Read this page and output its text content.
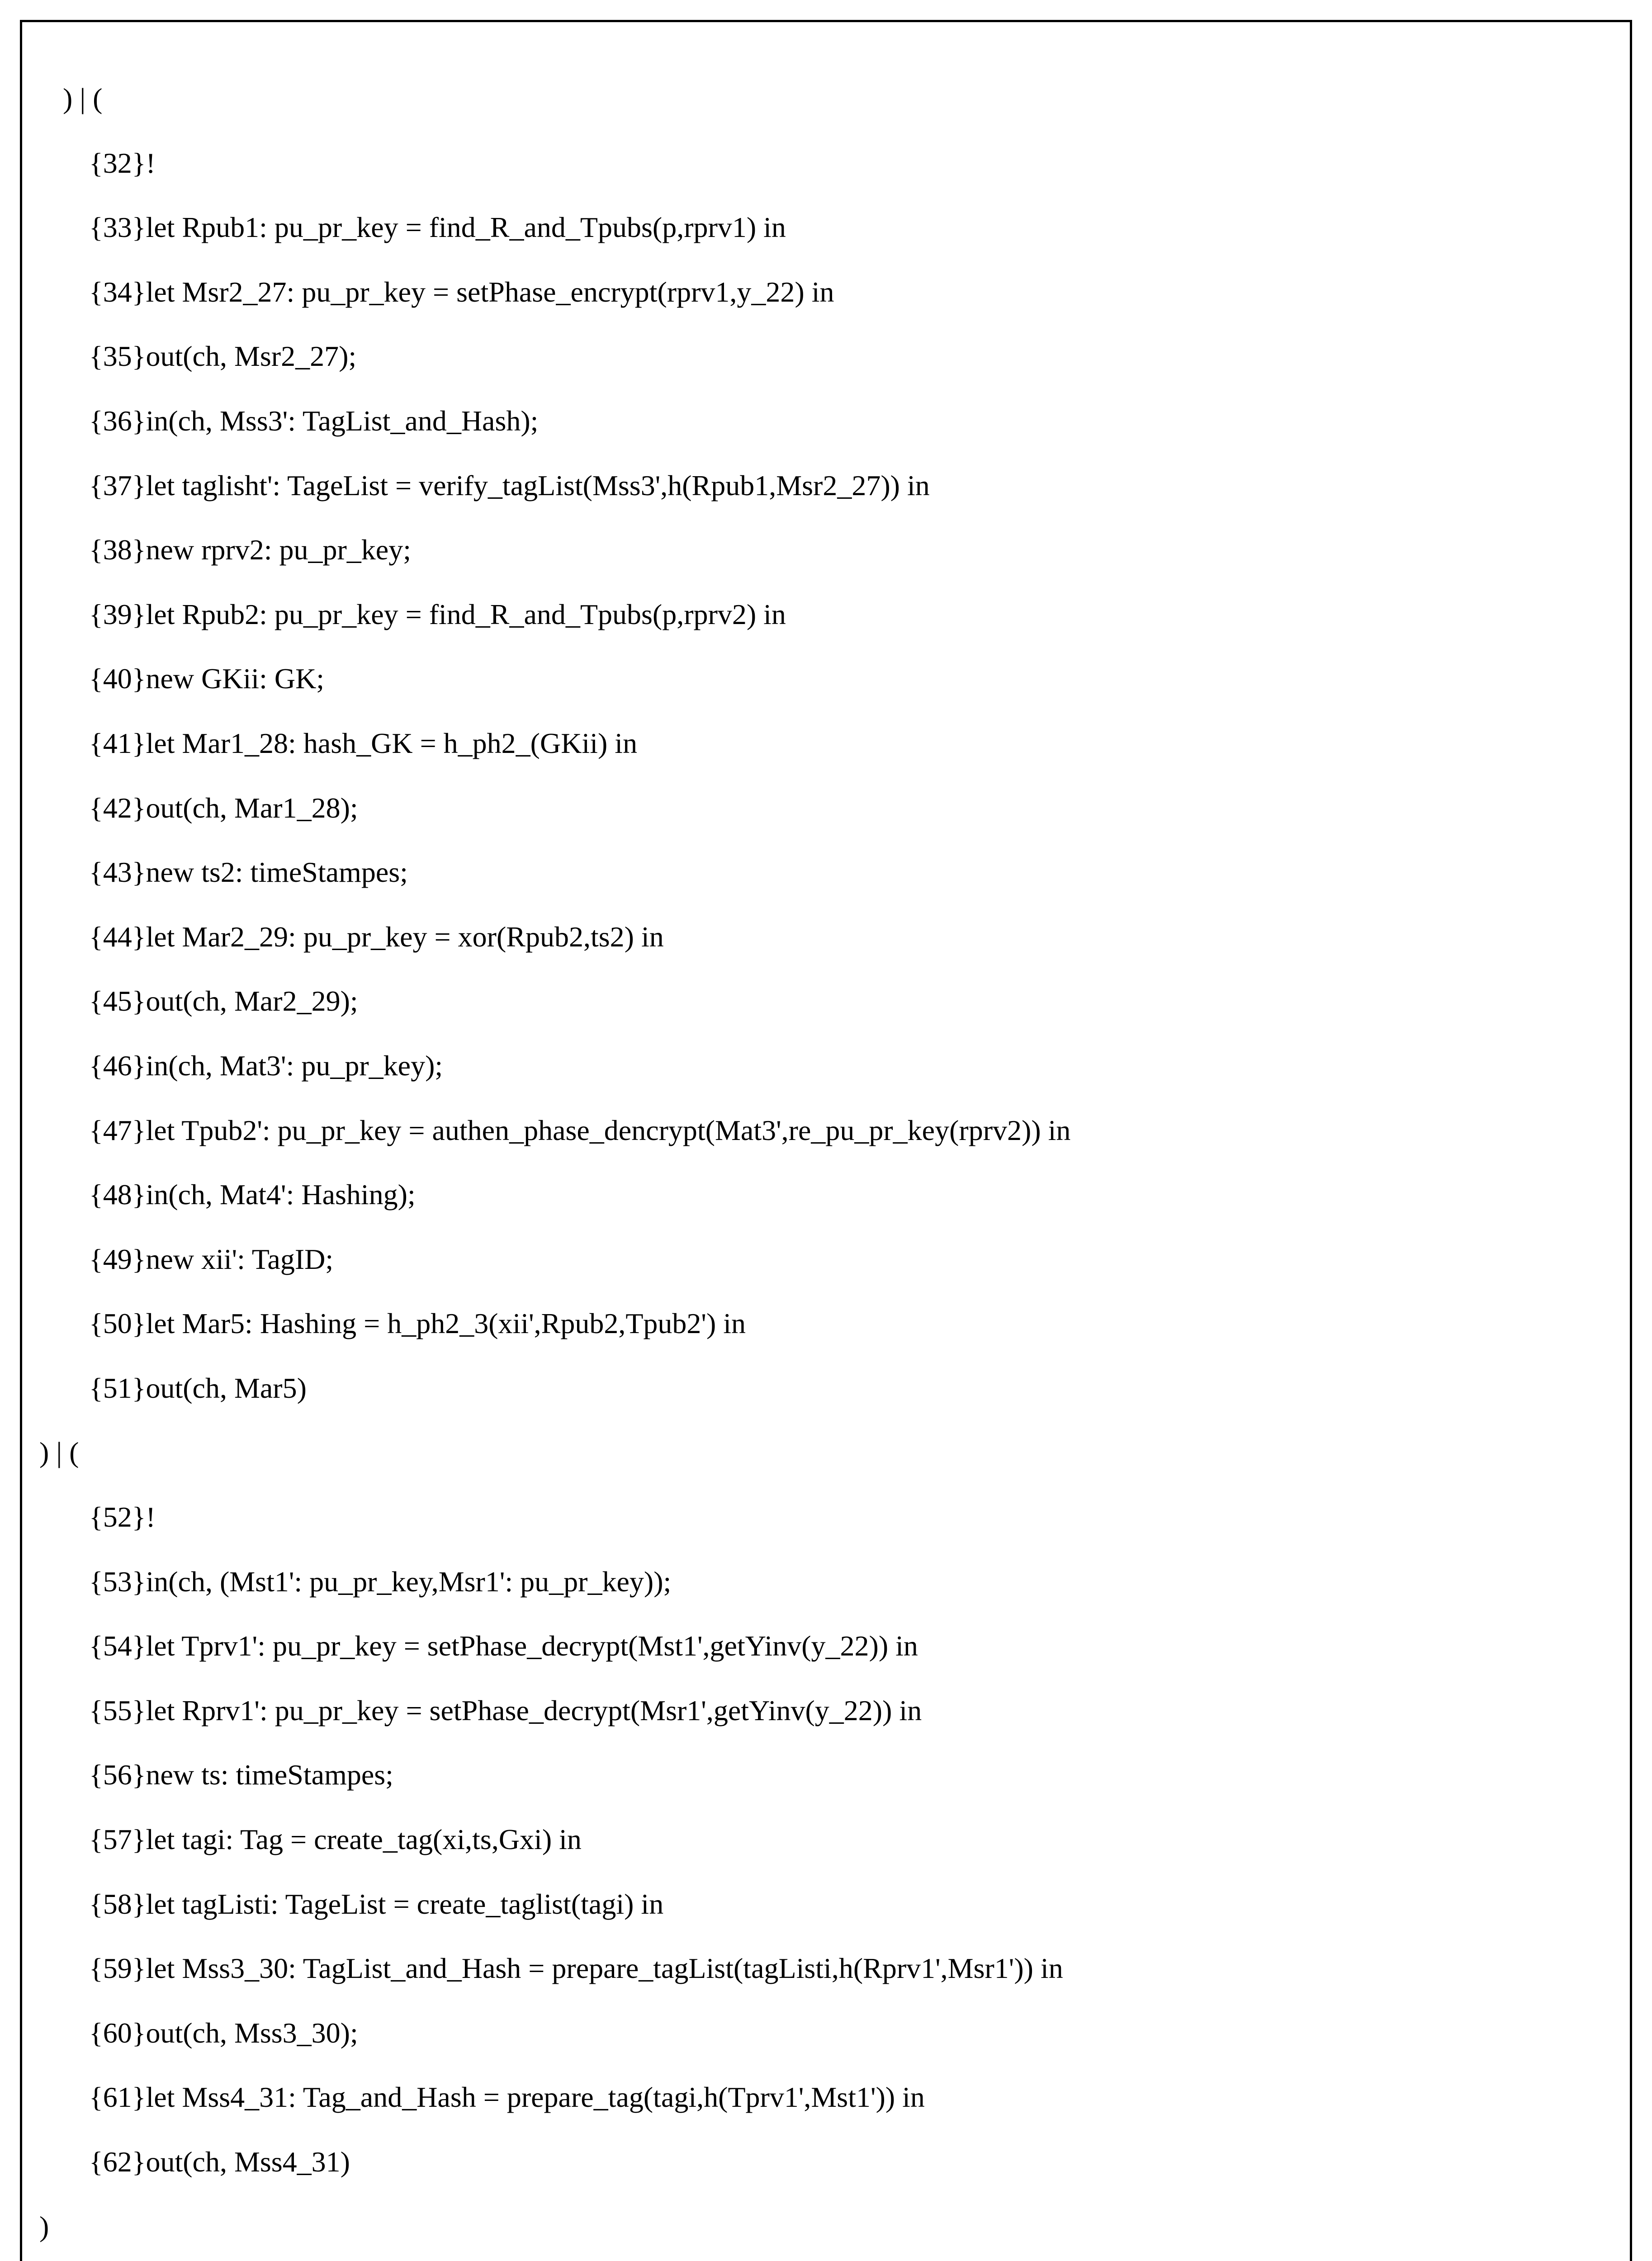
) | (
{32}!
{33}let Rpub1: pu_pr_key = find_R_and_Tpubs(p,rprv1) in
{34}let Msr2_27: pu_pr_key = setPhase_encrypt(rprv1,y_22) in
{35}out(ch, Msr2_27);
{36}in(ch, Mss3': TagList_and_Hash);
{37}let taglisht': TageList = verify_tagList(Mss3',h(Rpub1,Msr2_27)) in
{38}new rprv2: pu_pr_key;
{39}let Rpub2: pu_pr_key = find_R_and_Tpubs(p,rprv2) in
{40}new GKii: GK;
{41}let Mar1_28: hash_GK = h_ph2_(GKii) in
{42}out(ch, Mar1_28);
{43}new ts2: timeStampes;
{44}let Mar2_29: pu_pr_key = xor(Rpub2,ts2) in
{45}out(ch, Mar2_29);
{46}in(ch, Mat3': pu_pr_key);
{47}let Tpub2': pu_pr_key = authen_phase_dencrypt(Mat3',re_pu_pr_key(rprv2)) in
{48}in(ch, Mat4': Hashing);
{49}new xii': TagID;
{50}let Mar5: Hashing = h_ph2_3(xii',Rpub2,Tpub2') in
{51}out(ch, Mar5)
) | (
{52}!
{53}in(ch, (Mst1': pu_pr_key,Msr1': pu_pr_key));
{54}let Tprv1': pu_pr_key = setPhase_decrypt(Mst1',getYinv(y_22)) in
{55}let Rprv1': pu_pr_key = setPhase_decrypt(Msr1',getYinv(y_22)) in
{56}new ts: timeStampes;
{57}let tagi: Tag = create_tag(xi,ts,Gxi) in
{58}let tagListi: TageList = create_taglist(tagi) in
{59}let Mss3_30: TagList_and_Hash = prepare_tagList(tagListi,h(Rprv1',Msr1')) in
{60}out(ch, Mss3_30);
{61}let Mss4_31: Tag_and_Hash = prepare_tag(tagi,h(Tprv1',Mst1')) in
{62}out(ch, Mss4_31)
)
